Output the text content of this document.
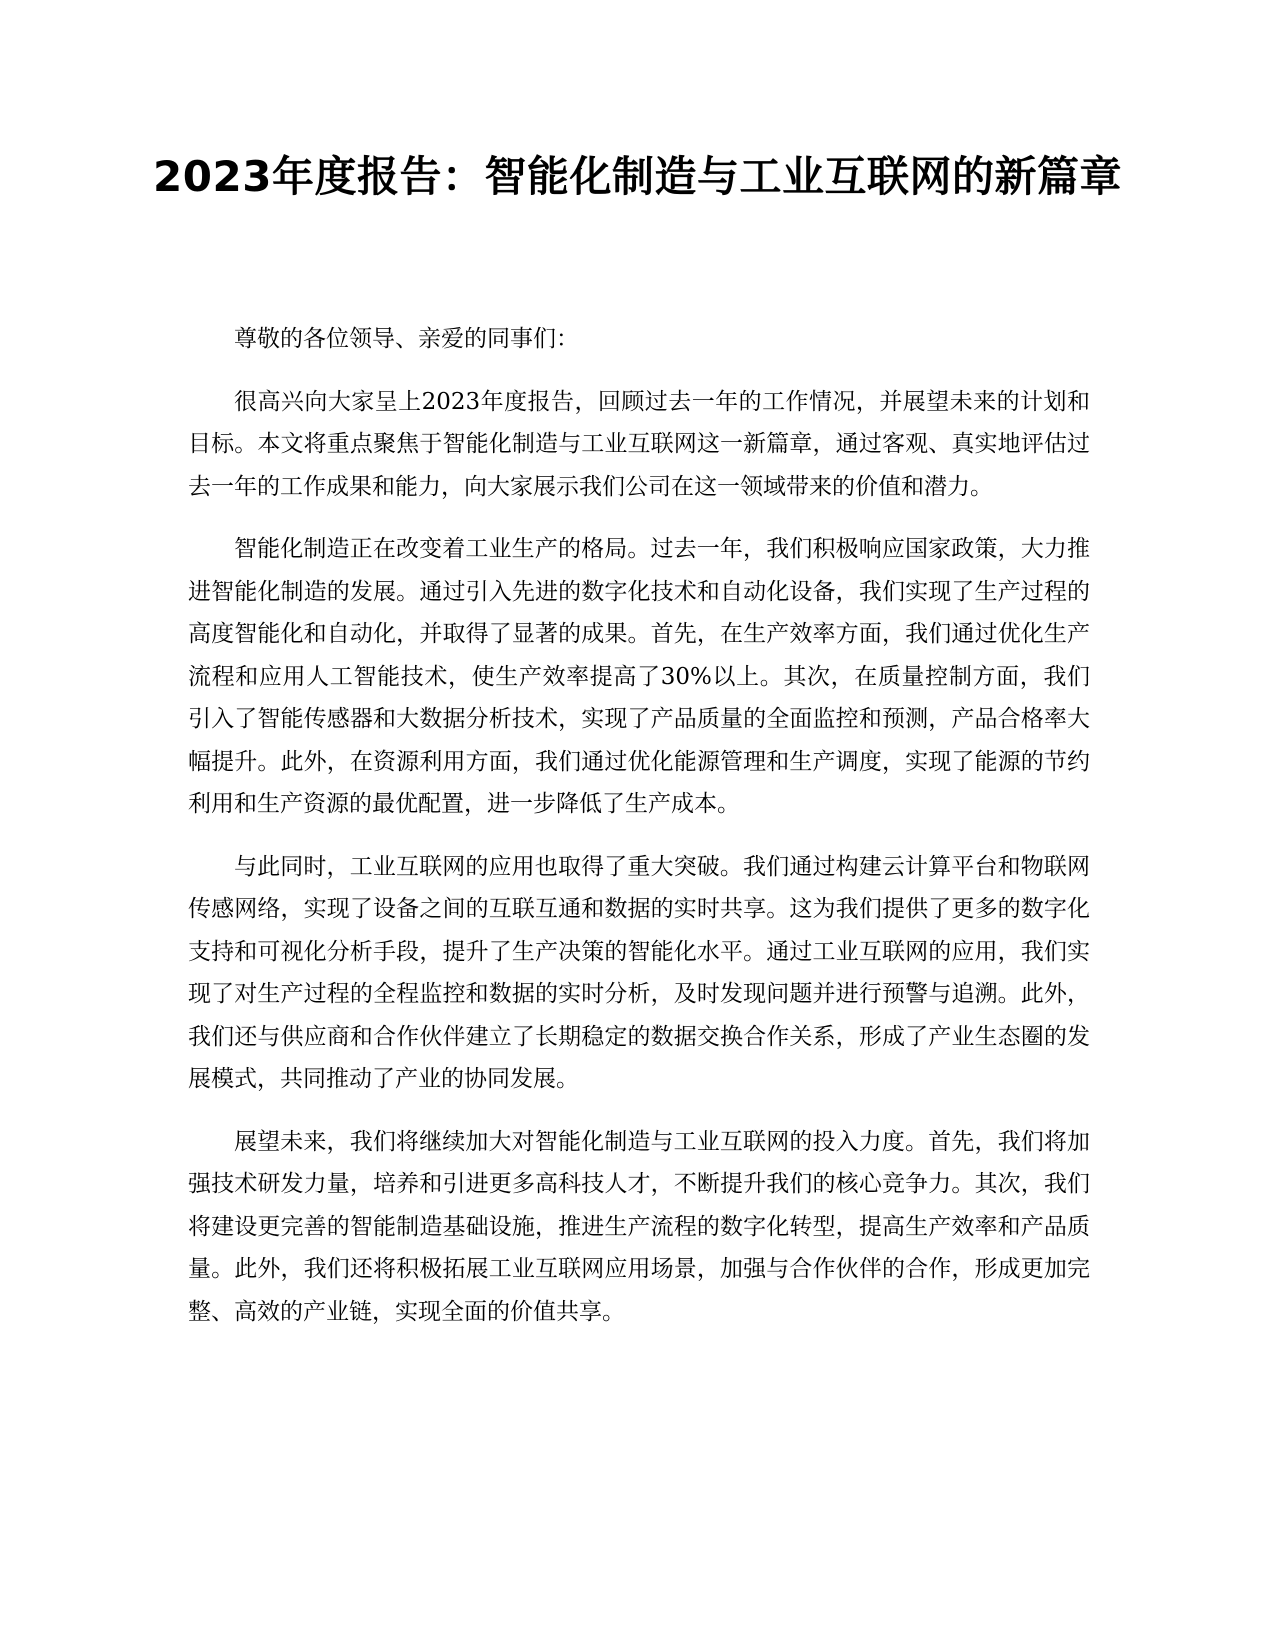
2023年度报告：智能化制造与工业互联网的新篇章

尊敬的各位领导、亲爱的同事们：

很高兴向大家呈上2023年度报告，回顾过去一年的工作情况，并展望未来的计划和目标。本文将重点聚焦于智能化制造与工业互联网这一新篇章，通过客观、真实地评估过去一年的工作成果和能力，向大家展示我们公司在这一领域带来的价值和潜力。

智能化制造正在改变着工业生产的格局。过去一年，我们积极响应国家政策，大力推进智能化制造的发展。通过引入先进的数字化技术和自动化设备，我们实现了生产过程的高度智能化和自动化，并取得了显著的成果。首先，在生产效率方面，我们通过优化生产流程和应用人工智能技术，使生产效率提高了30%以上。其次，在质量控制方面，我们引入了智能传感器和大数据分析技术，实现了产品质量的全面监控和预测，产品合格率大幅提升。此外，在资源利用方面，我们通过优化能源管理和生产调度，实现了能源的节约利用和生产资源的最优配置，进一步降低了生产成本。

与此同时，工业互联网的应用也取得了重大突破。我们通过构建云计算平台和物联网传感网络，实现了设备之间的互联互通和数据的实时共享。这为我们提供了更多的数字化支持和可视化分析手段，提升了生产决策的智能化水平。通过工业互联网的应用，我们实现了对生产过程的全程监控和数据的实时分析，及时发现问题并进行预警与追溯。此外，我们还与供应商和合作伙伴建立了长期稳定的数据交换合作关系，形成了产业生态圈的发展模式，共同推动了产业的协同发展。

展望未来，我们将继续加大对智能化制造与工业互联网的投入力度。首先，我们将加强技术研发力量，培养和引进更多高科技人才，不断提升我们的核心竞争力。其次，我们将建设更完善的智能制造基础设施，推进生产流程的数字化转型，提高生产效率和产品质量。此外，我们还将积极拓展工业互联网应用场景，加强与合作伙伴的合作，形成更加完整、高效的产业链，实现全面的价值共享。
